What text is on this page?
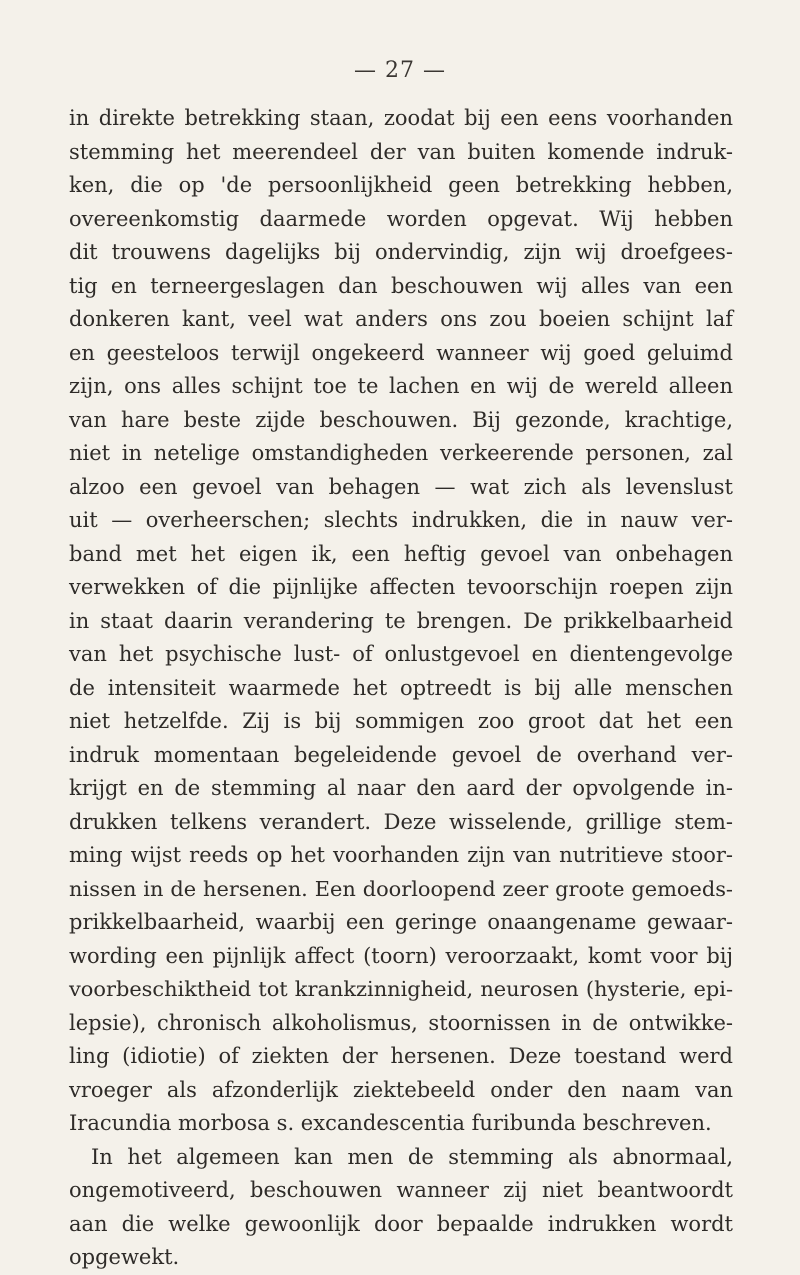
— 27 —
in direkte betrekking staan, zoodat bij een eens voorhanden
stemming het meerendeel der van buiten komende indruk-
ken, die op 'de persoonlijkheid geen betrekking hebben,
overeenkomstig daarmede worden opgevat. Wij hebben
dit trouwens dagelijks bij ondervindig, zijn wij droefgees-
tig en terneergeslagen dan beschouwen wij alles van een
donkeren kant, veel wat anders ons zou boeien schijnt laf
en geesteloos terwijl ongekeerd wanneer wij goed geluimd
zijn, ons alles schijnt toe te lachen en wij de wereld alleen
van hare beste zijde beschouwen. Bij gezonde, krachtige,
niet in netelige omstandigheden verkeerende personen, zal
alzoo een gevoel van behagen — wat zich als levenslust
uit — overheerschen; slechts indrukken, die in nauw ver-
band met het eigen ik, een heftig gevoel van onbehagen
verwekken of die pijnlijke affecten tevoorschijn roepen zijn
in staat daarin verandering te brengen. De prikkelbaarheid
van het psychische lust- of onlustgevoel en dientengevolge
de intensiteit waarmede het optreedt is bij alle menschen
niet hetzelfde. Zij is bij sommigen zoo groot dat het een
indruk momentaan begeleidende gevoel de overhand ver-
krijgt en de stemming al naar den aard der opvolgende in-
drukken telkens verandert. Deze wisselende, grillige stem-
ming wijst reeds op het voorhanden zijn van nutritieve stoor-
nissen in de hersenen. Een doorloopend zeer groote gemoeds-
prikkelbaarheid, waarbij een geringe onaangename gewaar-
wording een pijnlijk affect (toorn) veroorzaakt, komt voor bij
voorbeschiktheid tot krankzinnigheid, neurosen (hysterie, epi-
lepsie), chronisch alkoholismus, stoornissen in de ontwikke-
ling (idiotie) of ziekten der hersenen. Deze toestand werd
vroeger als afzonderlijk ziektebeeld onder den naam van
Iracundia morbosa s. excandescentia furibunda beschreven.
In het algemeen kan men de stemming als abnormaal,
ongemotiveerd, beschouwen wanneer zij niet beantwoordt
aan die welke gewoonlijk door bepaalde indrukken wordt
opgewekt.
